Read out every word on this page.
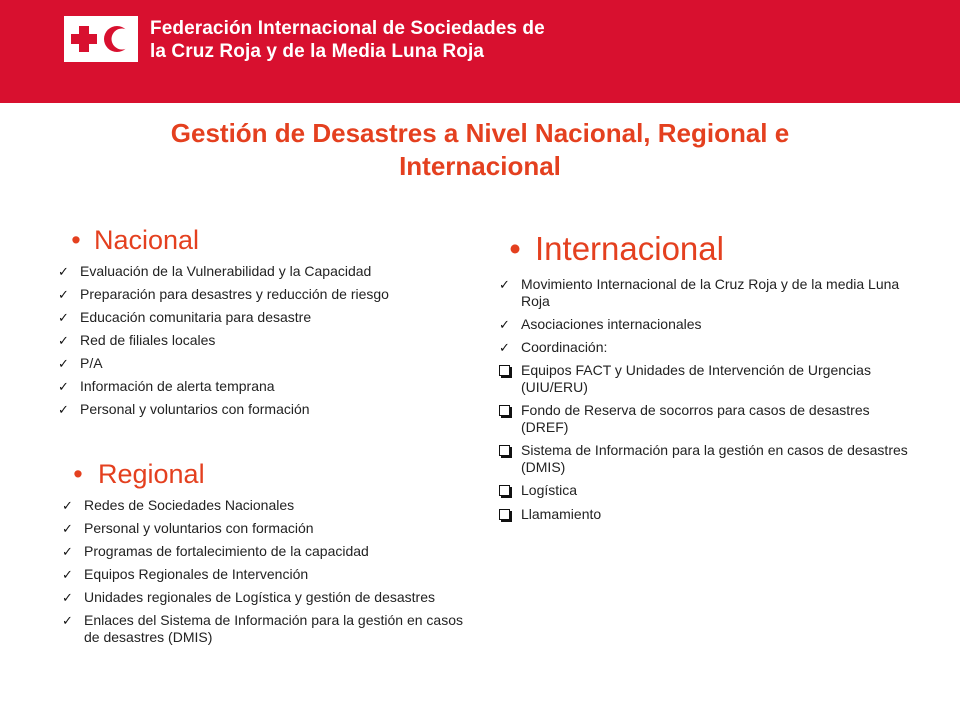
Federación Internacional de Sociedades de
la Cruz Roja y de la Media Luna Roja
Gestión de Desastres a Nivel Nacional, Regional e
Internacional
• Nacional
✓ Evaluación de la Vulnerabilidad y la Capacidad
✓ Preparación para desastres y reducción de riesgo
✓ Educación comunitaria para desastre
✓ Red de filiales locales
✓ P/A
✓ Información de alerta temprana
✓ Personal y voluntarios con formación
• Regional
✓ Redes de Sociedades Nacionales
✓ Personal y voluntarios con formación
✓ Programas de fortalecimiento de la capacidad
✓ Equipos Regionales de Intervención
✓ Unidades regionales de Logística y gestión de desastres
✓ Enlaces del Sistema de Información para la gestión en casos de desastres (DMIS)
• Internacional
✓ Movimiento Internacional de la Cruz Roja y de la media Luna Roja
✓ Asociaciones internacionales
✓ Coordinación:
Equipos FACT y Unidades de Intervención de Urgencias (UIU/ERU)
Fondo de Reserva de socorros para casos de desastres (DREF)
Sistema de Información para la gestión en casos de desastres (DMIS)
Logística
Llamamiento
